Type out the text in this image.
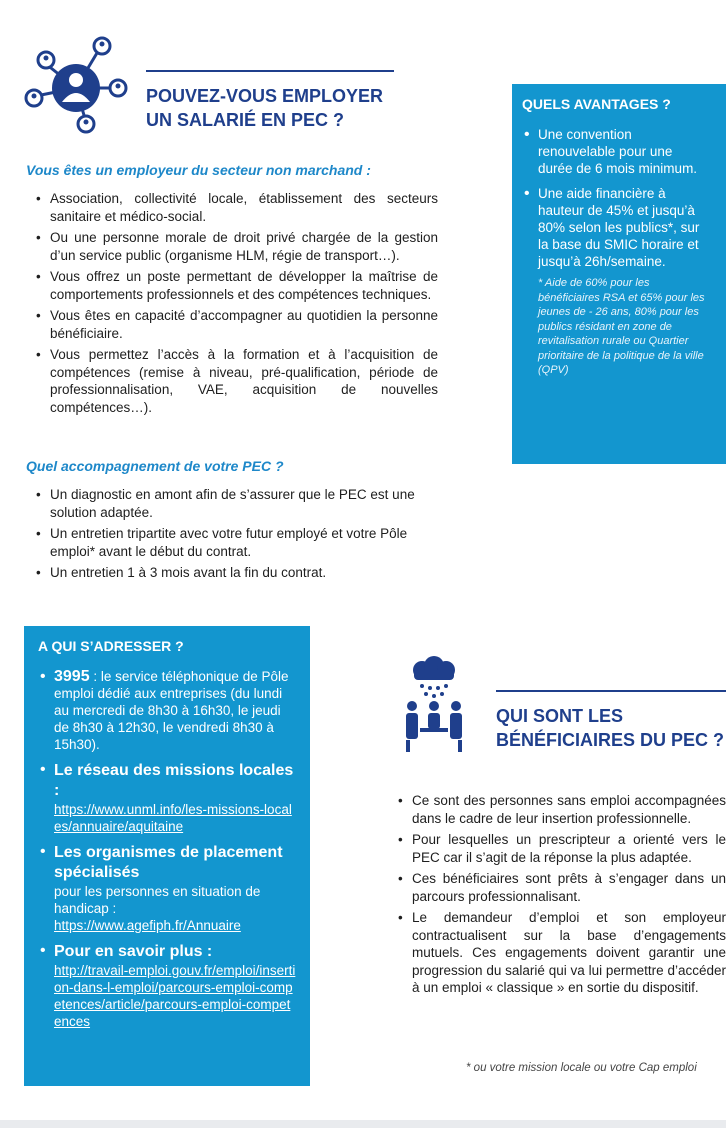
POUVEZ-VOUS EMPLOYER
UN SALARIÉ EN PEC ?
Vous êtes un employeur du secteur non marchand :
• Association, collectivité locale, établissement des secteurs sanitaire et médico-social.
• Ou une personne morale de droit privé chargée de la gestion d’un service public (organisme HLM, régie de transport…).
• Vous offrez un poste permettant de développer la maîtrise de comportements professionnels et des compétences techniques.
• Vous êtes en capacité d’accompagner au quotidien la personne bénéficiaire.
• Vous permettez l’accès à la formation et à l’acquisition de compétences (remise à niveau, pré-qualification, période de professionnalisation, VAE, acquisition de nouvelles compétences…).
Quel accompagnement de votre PEC ?
• Un diagnostic en amont afin de s’assurer que le PEC est une solution adaptée.
• Un entretien tripartite avec votre futur employé et votre Pôle emploi* avant le début du contrat.
• Un entretien 1 à 3 mois avant la fin du contrat.
QUELS AVANTAGES ?
• Une convention renouvelable pour une durée de 6 mois minimum.
• Une aide financière à hauteur de 45% et jusqu’à 80% selon les publics*, sur la base du SMIC horaire et jusqu’à 26h/semaine.
* Aide de 60% pour les bénéficiaires RSA et 65% pour les jeunes de - 26 ans, 80% pour les publics résidant en zone de revitalisation rurale ou Quartier prioritaire de la politique de la ville (QPV)
A QUI S’ADRESSER ?
• 3995 : le service téléphonique de Pôle emploi dédié aux entreprises (du lundi au mercredi de 8h30 à 16h30, le jeudi de 8h30 à 12h30, le vendredi 8h30 à 15h30).
• Le réseau des missions locales :
https://www.unml.info/les-missions-locales/annuaire/aquitaine
• Les organismes de placement spécialisés
pour les personnes en situation de handicap :
https://www.agefiph.fr/Annuaire
• Pour en savoir plus :
http://travail-emploi.gouv.fr/emploi/insertion-dans-l-emploi/parcours-emploi-competences/article/parcours-emploi-competences
QUI SONT LES
BÉNÉFICIAIRES DU PEC ?
• Ce sont des personnes sans emploi accompagnées dans le cadre de leur insertion professionnelle.
• Pour lesquelles un prescripteur a orienté vers le PEC car il s’agit de la réponse la plus adaptée.
• Ces bénéficiaires sont prêts à s’engager dans un parcours professionnalisant.
• Le demandeur d’emploi et son employeur contractualisent sur la base d’engagements mutuels. Ces engagements doivent garantir une progression du salarié qui va lui permettre d’accéder à un emploi « classique » en sortie du dispositif.
* ou votre mission locale ou votre Cap emploi
